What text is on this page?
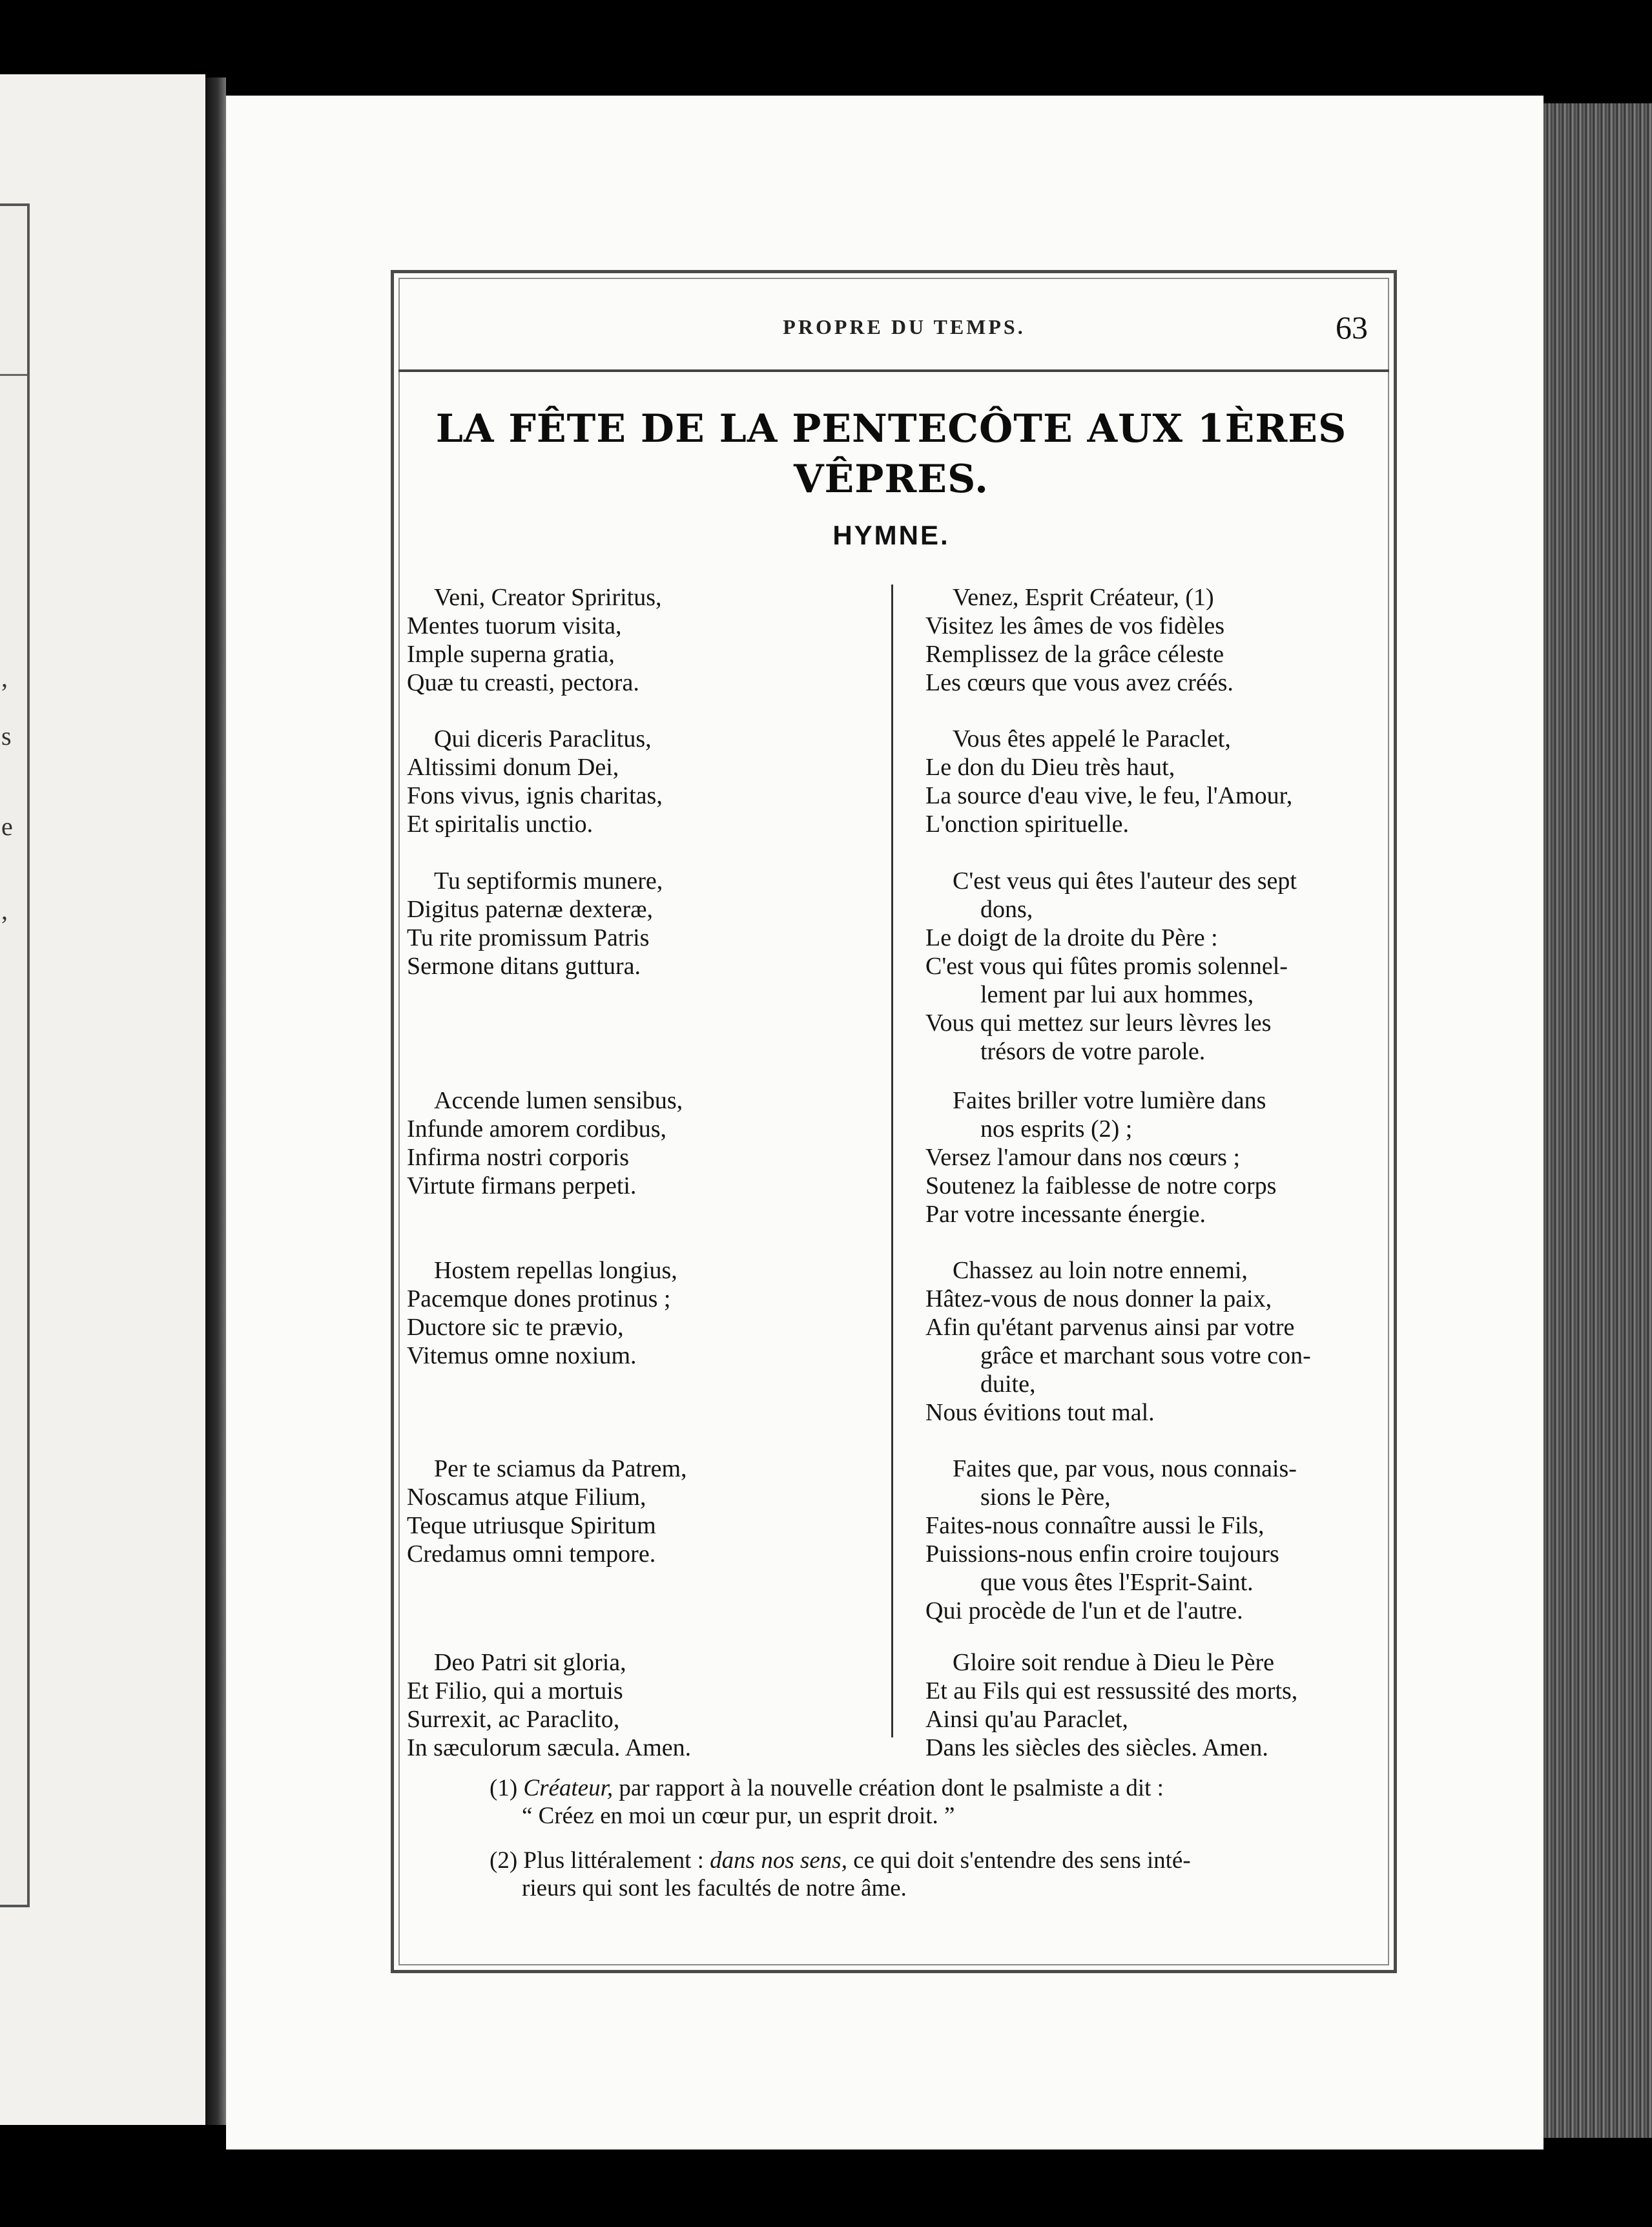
,
s
e
,
PROPRE DU TEMPS.	63
LA FÊTE DE LA PENTECÔTE AUX 1ÈRES
VÊPRES.
HYMNE.
Veni, Creator Spriritus,
Mentes tuorum visita,
Imple superna gratia,
Quæ tu creasti, pectora.
Qui diceris Paraclitus,
Altissimi donum Dei,
Fons vivus, ignis charitas,
Et spiritalis unctio.
Tu septiformis munere,
Digitus paternæ dexteræ,
Tu rite promissum Patris
Sermone ditans guttura.
Accende lumen sensibus,
Infunde amorem cordibus,
Infirma nostri corporis
Virtute firmans perpeti.
Hostem repellas longius,
Pacemque dones protinus ;
Ductore sic te prævio,
Vitemus omne noxium.
Per te sciamus da Patrem,
Noscamus atque Filium,
Teque utriusque Spiritum
Credamus omni tempore.
Deo Patri sit gloria,
Et Filio, qui a mortuis
Surrexit, ac Paraclito,
In sæculorum sæcula. Amen.
Venez, Esprit Créateur, (1)
Visitez les âmes de vos fidèles
Remplissez de la grâce céleste
Les cœurs que vous avez créés.
Vous êtes appelé le Paraclet,
Le don du Dieu très haut,
La source d'eau vive, le feu, l'Amour,
L'onction spirituelle.
C'est veus qui êtes l'auteur des sept
dons,
Le doigt de la droite du Père :
C'est vous qui fûtes promis solennel-
lement par lui aux hommes,
Vous qui mettez sur leurs lèvres les
trésors de votre parole.
Faites briller votre lumière dans
nos esprits (2) ;
Versez l'amour dans nos cœurs ;
Soutenez la faiblesse de notre corps
Par votre incessante énergie.
Chassez au loin notre ennemi,
Hâtez-vous de nous donner la paix,
Afin qu'étant parvenus ainsi par votre
grâce et marchant sous votre con-
duite,
Nous évitions tout mal.
Faites que, par vous, nous connais-
sions le Père,
Faites-nous connaître aussi le Fils,
Puissions-nous enfin croire toujours
que vous êtes l'Esprit-Saint.
Qui procède de l'un et de l'autre.
Gloire soit rendue à Dieu le Père
Et au Fils qui est ressussité des morts,
Ainsi qu'au Paraclet,
Dans les siècles des siècles. Amen.
(1) Créateur, par rapport à la nouvelle création dont le psalmiste a dit :
“ Créez en moi un cœur pur, un esprit droit. ”
(2) Plus littéralement : dans nos sens, ce qui doit s'entendre des sens inté-
rieurs qui sont les facultés de notre âme.
